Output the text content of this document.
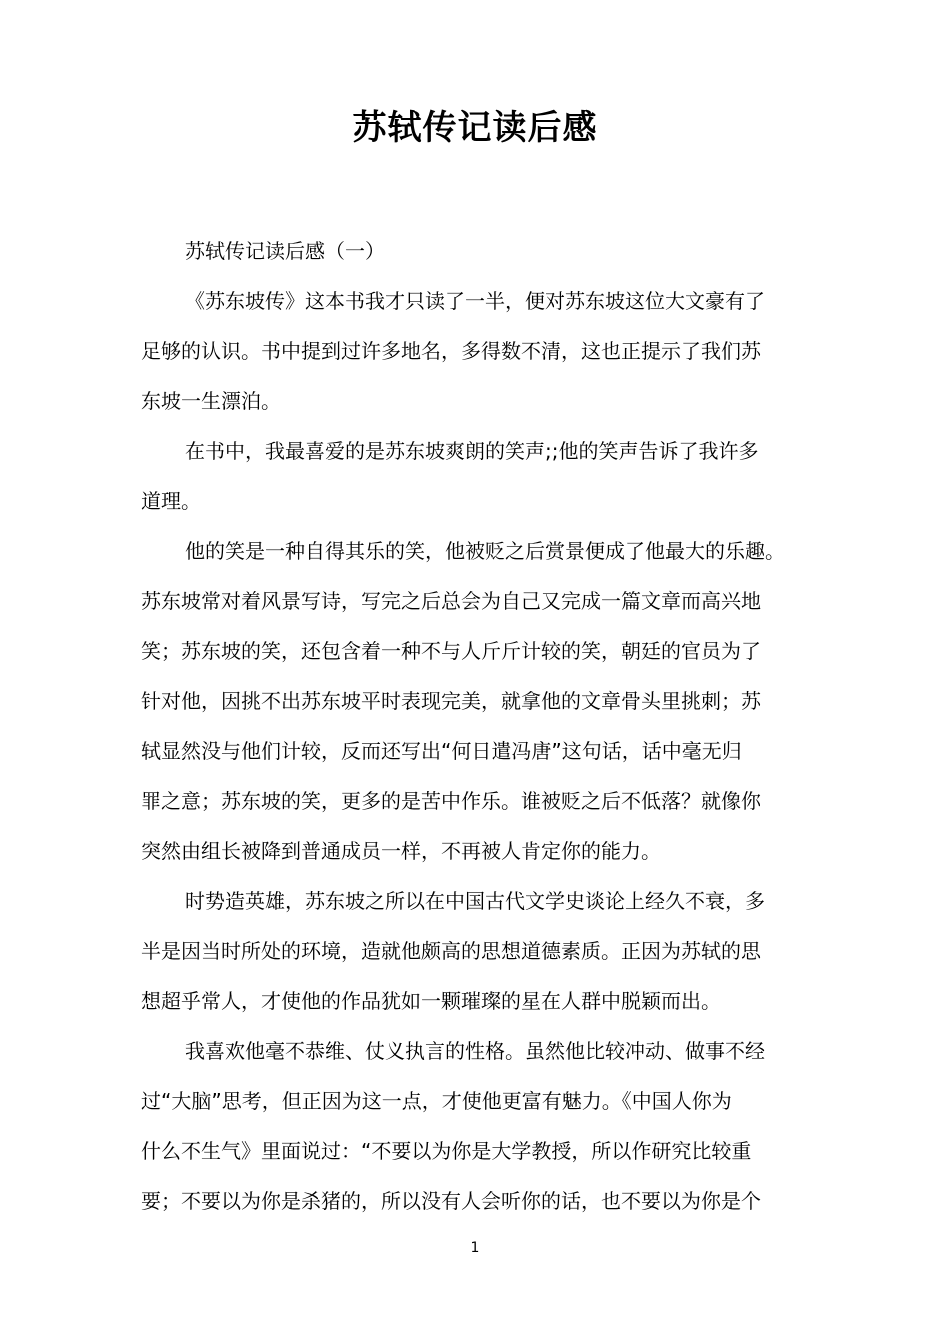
苏轼传记读后感
苏轼传记读后感（一）
《苏东坡传》这本书我才只读了一半，便对苏东坡这位大文豪有了
足够的认识。书中提到过许多地名，多得数不清，这也正提示了我们苏
东坡一生漂泊。
在书中，我最喜爱的是苏东坡爽朗的笑声;;他的笑声告诉了我许多
道理。
他的笑是一种自得其乐的笑，他被贬之后赏景便成了他最大的乐趣。
苏东坡常对着风景写诗，写完之后总会为自己又完成一篇文章而高兴地
笑；苏东坡的笑，还包含着一种不与人斤斤计较的笑，朝廷的官员为了
针对他，因挑不出苏东坡平时表现完美，就拿他的文章骨头里挑刺；苏
轼显然没与他们计较，反而还写出“何日遣冯唐”这句话，话中毫无归
罪之意；苏东坡的笑，更多的是苦中作乐。谁被贬之后不低落？就像你
突然由组长被降到普通成员一样，不再被人肯定你的能力。
时势造英雄，苏东坡之所以在中国古代文学史谈论上经久不衰，多
半是因当时所处的环境，造就他颇高的思想道德素质。正因为苏轼的思
想超乎常人，才使他的作品犹如一颗璀璨的星在人群中脱颖而出。
我喜欢他毫不恭维、仗义执言的性格。虽然他比较冲动、做事不经
过“大脑”思考，但正因为这一点，才使他更富有魅力。《中国人你为
什么不生气》里面说过：“不要以为你是大学教授，所以作研究比较重
要；不要以为你是杀猪的，所以没有人会听你的话，也不要以为你是个
1
